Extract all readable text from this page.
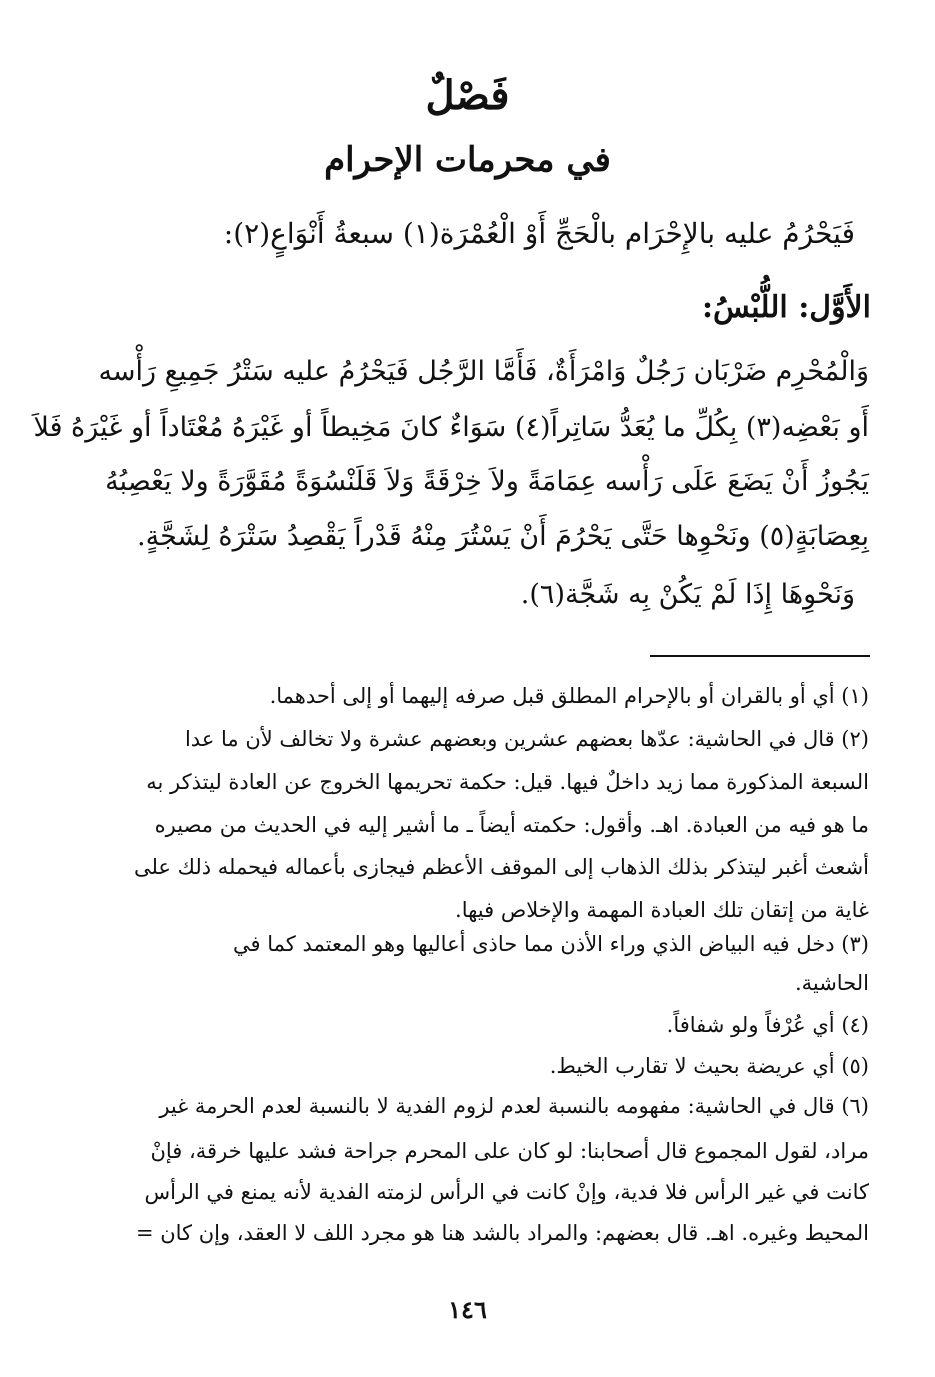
فَصْلٌ
في محرمات الإحرام
فَيَحْرُمُ عليه بالإِحْرَام بالْحَجِّ أَوْ الْعُمْرَة(١) سبعةُ أَنْوَاعٍ(٢):
الأَوَّل: اللُّبْسُ:
وَالْمُحْرِم ضَرْبَان رَجُلٌ وَامْرَأَةٌ، فَأَمَّا الرَّجُل فَيَحْرُمُ عليه سَتْرُ جَمِيعِ رَأْسه
أَو بَعْضِه(٣) بِكُلِّ ما يُعَدُّ سَاتِراً(٤) سَوَاءٌ كانَ مَخِيطاً أو غَيْرَهُ مُعْتَاداً أو غَيْرَهُ فَلاَ
يَجُوزُ أَنْ يَضَعَ عَلَى رَأْسه عِمَامَةً ولاَ خِرْقَةً وَلاَ قَلَنْسُوَةً مُقَوَّرَةً ولا يَعْصِبُهُ
بِعِصَابَةٍ(٥) ونَحْوِها حَتَّى يَحْرُمَ أَنْ يَسْتُرَ مِنْهُ قَدْراً يَقْصِدُ سَتْرَهُ لِشَجَّةٍ.
وَنَحْوِهَا إِذَا لَمْ يَكُنْ بِه شَجَّة(٦).
(١) أي أو بالقران أو بالإحرام المطلق قبل صرفه إليهما أو إلى أحدهما.
(٢) قال في الحاشية: عدّها بعضهم عشرين وبعضهم عشرة ولا تخالف لأن ما عدا
السبعة المذكورة مما زيد داخلٌ فيها. قيل: حكمة تحريمها الخروج عن العادة ليتذكر به
ما هو فيه من العبادة. اهـ. وأقول: حكمته أيضاً ـ ما أشير إليه في الحديث من مصيره
أشعث أغبر ليتذكر بذلك الذهاب إلى الموقف الأعظم فيجازى بأعماله فيحمله ذلك على
غاية من إتقان تلك العبادة المهمة والإخلاص فيها.
(٣) دخل فيه البياض الذي وراء الأذن مما حاذى أعاليها وهو المعتمد كما في
الحاشية.
(٤) أي عُرْفاً ولو شفافاً.
(٥) أي عريضة بحيث لا تقارب الخيط.
(٦) قال في الحاشية: مفهومه بالنسبة لعدم لزوم الفدية لا بالنسبة لعدم الحرمة غير
مراد، لقول المجموع قال أصحابنا: لو كان على المحرم جراحة فشد عليها خرقة، فإنْ
كانت في غير الرأس فلا فدية، وإنْ كانت في الرأس لزمته الفدية لأنه يمنع في الرأس
المحيط وغيره. اهـ. قال بعضهم: والمراد بالشد هنا هو مجرد اللف لا العقد، وإن كان =
١٤٦
